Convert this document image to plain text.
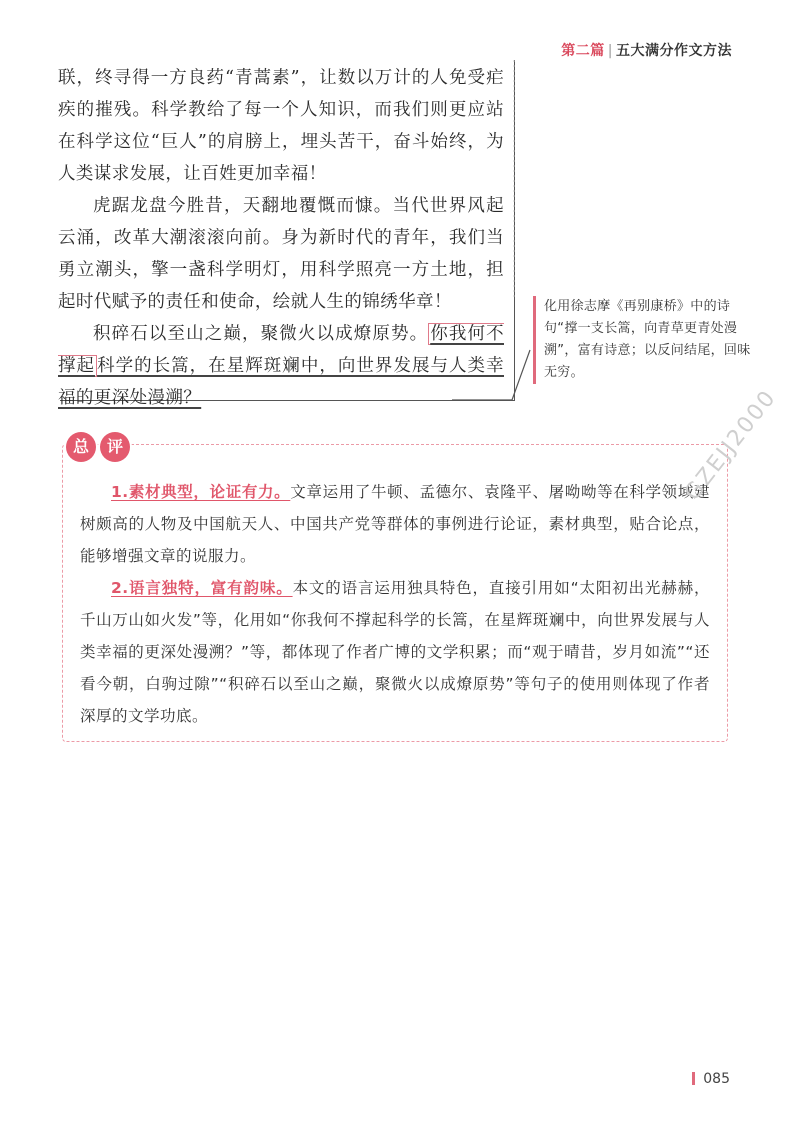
第二篇 | 五大满分作文方法

联，终寻得一方良药“青蒿素”，让数以万计的人免受疟疾的摧残。科学教给了每一个人知识，而我们则更应站在科学这位“巨人”的肩膀上，埋头苦干，奋斗始终，为人类谋求发展，让百姓更加幸福！

虎踞龙盘今胜昔，天翻地覆慨而慷。当代世界风起云涌，改革大潮滚滚向前。身为新时代的青年，我们当勇立潮头，擎一盏科学明灯，用科学照亮一方土地，担起时代赋予的责任和使命，绘就人生的锦绣华章！

积碎石以至山之巅，聚微火以成燎原势。 你我何不撑起 科学的长篙，在星辉斑斓中，向世界发展与人类幸福的更深处漫溯？

化用徐志摩《再别康桥》中的诗句“撑一支长篙，向青草更青处漫溯”，富有诗意；以反问结尾，回味无穷。
总	评

1.素材典型，论证有力。文章运用了牛顿、孟德尔、袁隆平、屠呦呦等在科学领域建树颇高的人物及中国航天人、中国共产党等群体的事例进行论证，素材典型，贴合论点，能够增强文章的说服力。

2.语言独特，富有韵味。本文的语言运用独具特色，直接引用如“太阳初出光赫赫，千山万山如火发”等，化用如“你我何不撑起科学的长篙，在星辉斑斓中，向世界发展与人类幸福的更深处漫溯？”等，都体现了作者广博的文学积累；而“观于晴昔，岁月如流”“还看今朝，白驹过隙”“积碎石以至山之巅，聚微火以成燎原势”等句子的使用则体现了作者深厚的文学功底。

GZEJJ2000
085
